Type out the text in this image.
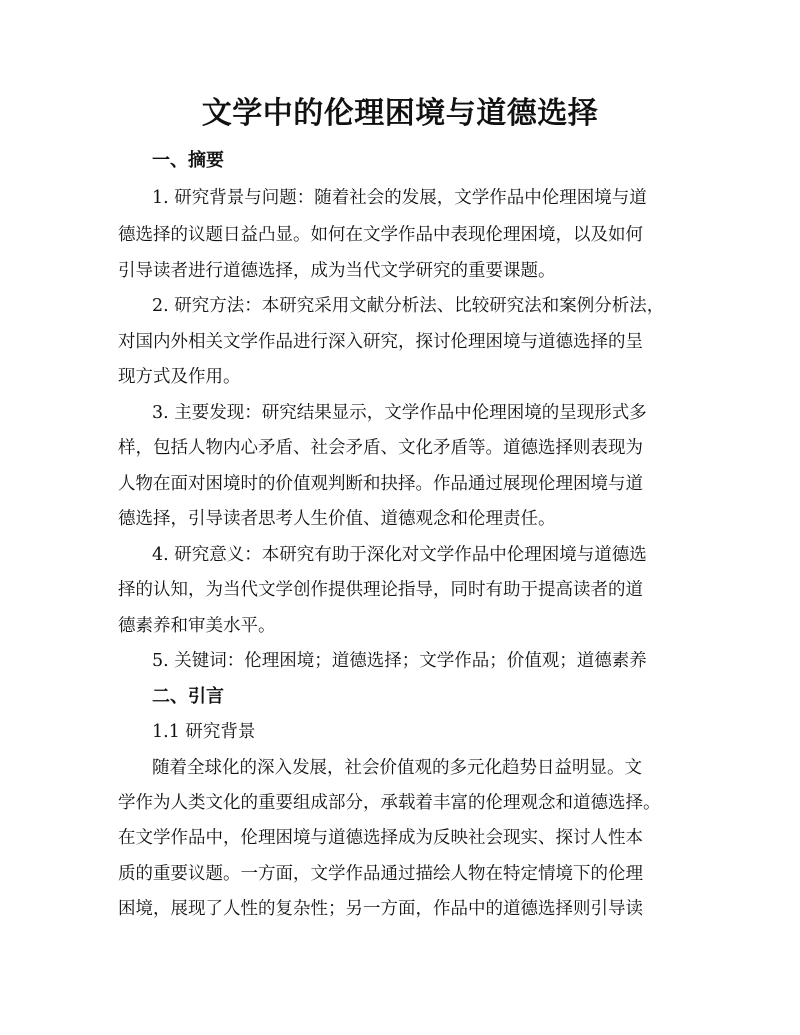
文学中的伦理困境与道德选择
一、摘要
1. 研究背景与问题：随着社会的发展，文学作品中伦理困境与道
德选择的议题日益凸显。如何在文学作品中表现伦理困境，以及如何
引导读者进行道德选择，成为当代文学研究的重要课题。
2. 研究方法：本研究采用文献分析法、比较研究法和案例分析法，
对国内外相关文学作品进行深入研究，探讨伦理困境与道德选择的呈
现方式及作用。
3. 主要发现：研究结果显示，文学作品中伦理困境的呈现形式多
样，包括人物内心矛盾、社会矛盾、文化矛盾等。道德选择则表现为
人物在面对困境时的价值观判断和抉择。作品通过展现伦理困境与道
德选择，引导读者思考人生价值、道德观念和伦理责任。
4. 研究意义：本研究有助于深化对文学作品中伦理困境与道德选
择的认知，为当代文学创作提供理论指导，同时有助于提高读者的道
德素养和审美水平。
5. 关键词：伦理困境；道德选择；文学作品；价值观；道德素养
二、引言
1.1 研究背景
随着全球化的深入发展，社会价值观的多元化趋势日益明显。文
学作为人类文化的重要组成部分，承载着丰富的伦理观念和道德选择。
在文学作品中，伦理困境与道德选择成为反映社会现实、探讨人性本
质的重要议题。一方面，文学作品通过描绘人物在特定情境下的伦理
困境，展现了人性的复杂性；另一方面，作品中的道德选择则引导读
